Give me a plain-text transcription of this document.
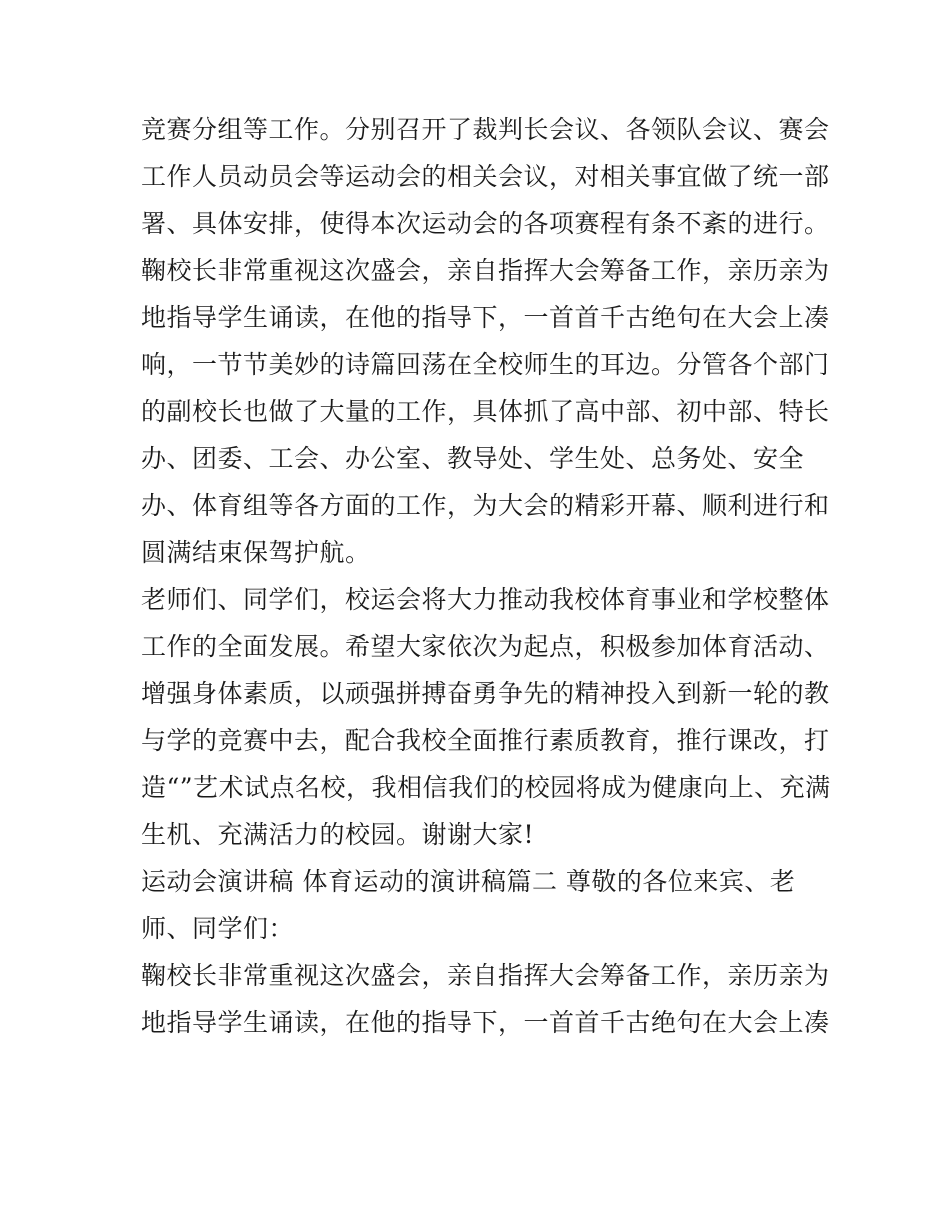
竞赛分组等工作。分别召开了裁判长会议、各领队会议、赛会
工作人员动员会等运动会的相关会议，对相关事宜做了统一部
署、具体安排，使得本次运动会的各项赛程有条不紊的进行。
鞠校长非常重视这次盛会，亲自指挥大会筹备工作，亲历亲为
地指导学生诵读，在他的指导下，一首首千古绝句在大会上凑
响，一节节美妙的诗篇回荡在全校师生的耳边。分管各个部门
的副校长也做了大量的工作，具体抓了高中部、初中部、特长
办、团委、工会、办公室、教导处、学生处、总务处、安全
办、体育组等各方面的工作，为大会的精彩开幕、顺利进行和
圆满结束保驾护航。
老师们、同学们，校运会将大力推动我校体育事业和学校整体
工作的全面发展。希望大家依次为起点，积极参加体育活动、
增强身体素质，以顽强拼搏奋勇争先的精神投入到新一轮的教
与学的竞赛中去，配合我校全面推行素质教育，推行课改，打
造“”艺术试点名校，我相信我们的校园将成为健康向上、充满
生机、充满活力的校园。谢谢大家!
运动会演讲稿 体育运动的演讲稿篇二 尊敬的各位来宾、老
师、同学们：
鞠校长非常重视这次盛会，亲自指挥大会筹备工作，亲历亲为
地指导学生诵读，在他的指导下，一首首千古绝句在大会上凑
